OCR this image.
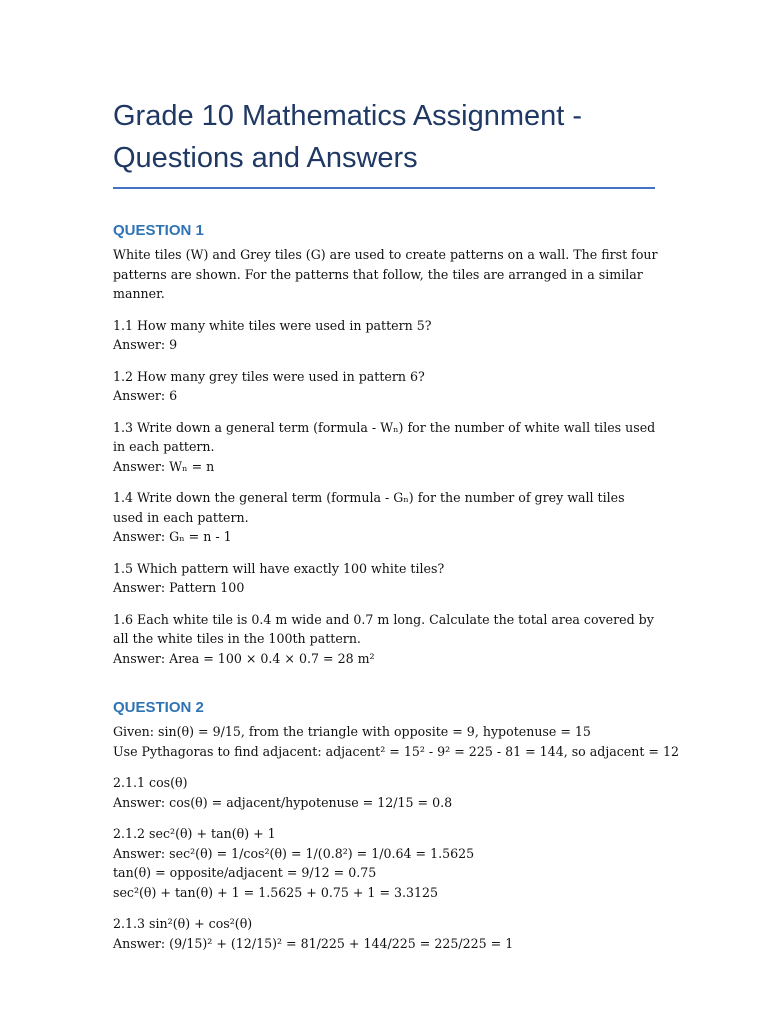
Grade 10 Mathematics Assignment - Questions and Answers
QUESTION 1

White tiles (W) and Grey tiles (G) are used to create patterns on a wall. The first four patterns are shown. For the patterns that follow, the tiles are arranged in a similar manner.

1.1 How many white tiles were used in pattern 5?
Answer: 9
1.2 How many grey tiles were used in pattern 6?
Answer: 6
1.3 Write down a general term (formula - Wₙ) for the number of white wall tiles used in each pattern.
Answer: Wₙ = n
1.4 Write down the general term (formula - Gₙ) for the number of grey wall tiles used in each pattern.
Answer: Gₙ = n - 1
1.5 Which pattern will have exactly 100 white tiles?
Answer: Pattern 100
1.6 Each white tile is 0.4 m wide and 0.7 m long. Calculate the total area covered by all the white tiles in the 100th pattern.
Answer: Area = 100 × 0.4 × 0.7 = 28 m²
QUESTION 2
Given: sin(θ) = 9/15, from the triangle with opposite = 9, hypotenuse = 15
Use Pythagoras to find adjacent: adjacent² = 15² - 9² = 225 - 81 = 144, so adjacent = 12
2.1.1 cos(θ)
Answer: cos(θ) = adjacent/hypotenuse = 12/15 = 0.8
2.1.2 sec²(θ) + tan(θ) + 1
Answer: sec²(θ) = 1/cos²(θ) = 1/(0.8²) = 1/0.64 = 1.5625
tan(θ) = opposite/adjacent = 9/12 = 0.75
sec²(θ) + tan(θ) + 1 = 1.5625 + 0.75 + 1 = 3.3125
2.1.3 sin²(θ) + cos²(θ)
Answer: (9/15)² + (12/15)² = 81/225 + 144/225 = 225/225 = 1
